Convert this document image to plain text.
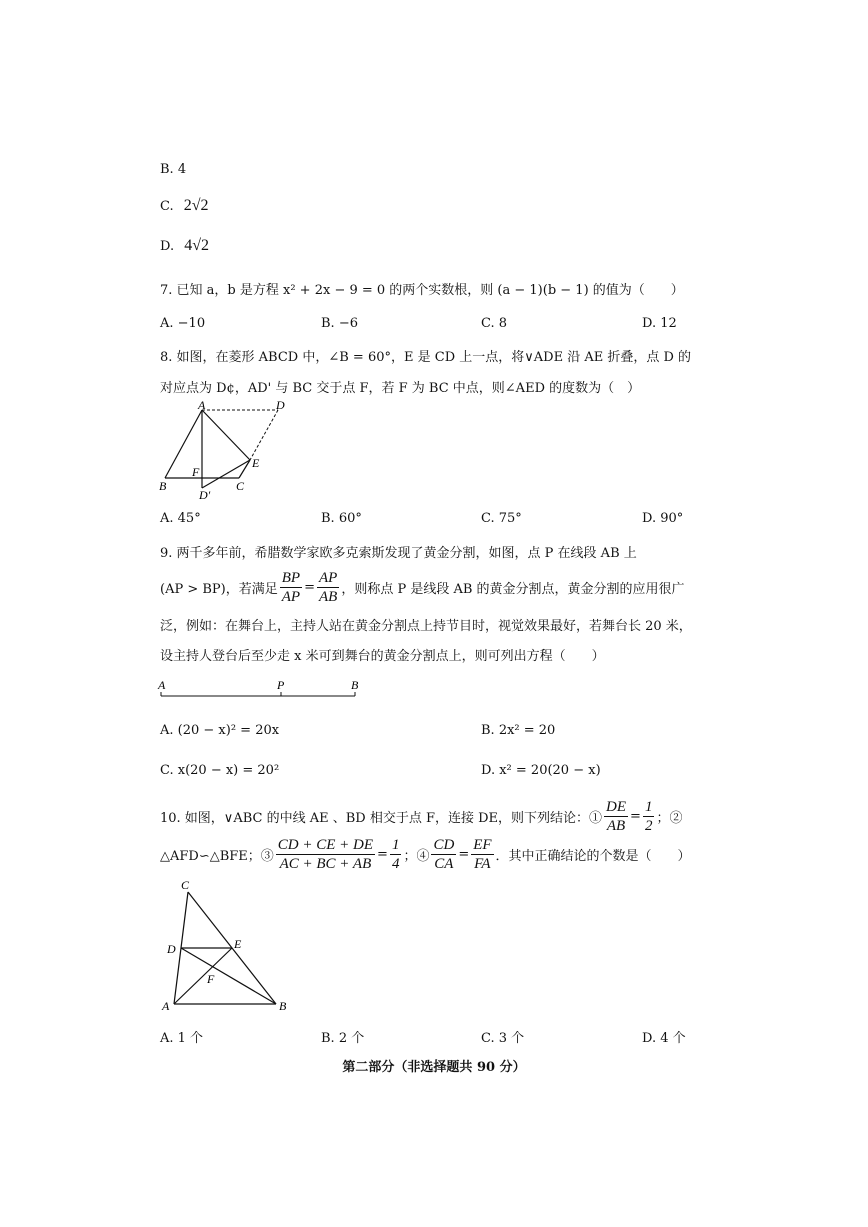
B. 4
C. 2√2
D. 4√2
7. 已知 a，b 是方程 x² + 2x − 9 = 0 的两个实数根，则 (a − 1)(b − 1) 的值为（　　）
A. −10	B. −6	C. 8	D. 12
8. 如图，在菱形 ABCD 中，∠B = 60°，E 是 CD 上一点，将∨ADE 沿 AE 折叠，点 D 的
对应点为 D¢，AD' 与 BC 交于点 F，若 F 为 BC 中点，则∠AED 的度数为（　）
A	D
E
F
B
D′
C
A. 45°	B. 60°	C. 75°	D. 90°
9. 两千多年前，希腊数学家欧多克索斯发现了黄金分割，如图，点 P 在线段 AB 上
(AP > BP)，若满足 $\frac{BP}{AP} = \frac{AP}{AB}$ ，则称点 P 是线段 AB 的黄金分割点，黄金分割的应用很广
泛，例如：在舞台上，主持人站在黄金分割点上持节目时，视觉效果最好，若舞台长 20 米，
设主持人登台后至少走 x 米可到舞台的黄金分割点上，则可列出方程（　　）
A	P	B
A. (20 − x)² = 20x	B. 2x² = 20
C. x(20 − x) = 20²	D. x² = 20(20 − x)
10. 如图，∨ABC 的中线 AE 、BD 相交于点 F，连接 DE，则下列结论：① $\frac{DE}{AB} = \frac{1}{2}$ ；②
△AFD∽△BFE；③ $\frac{CD + CE + DE}{AC + BC + AB} = \frac{1}{4}$ ；④ $\frac{CD}{CA} = \frac{EF}{FA}$ ．其中正确结论的个数是（　　）
C
D	E
F
A	B
A. 1 个	B. 2 个	C. 3 个	D. 4 个
第二部分（非选择题共 90 分）
